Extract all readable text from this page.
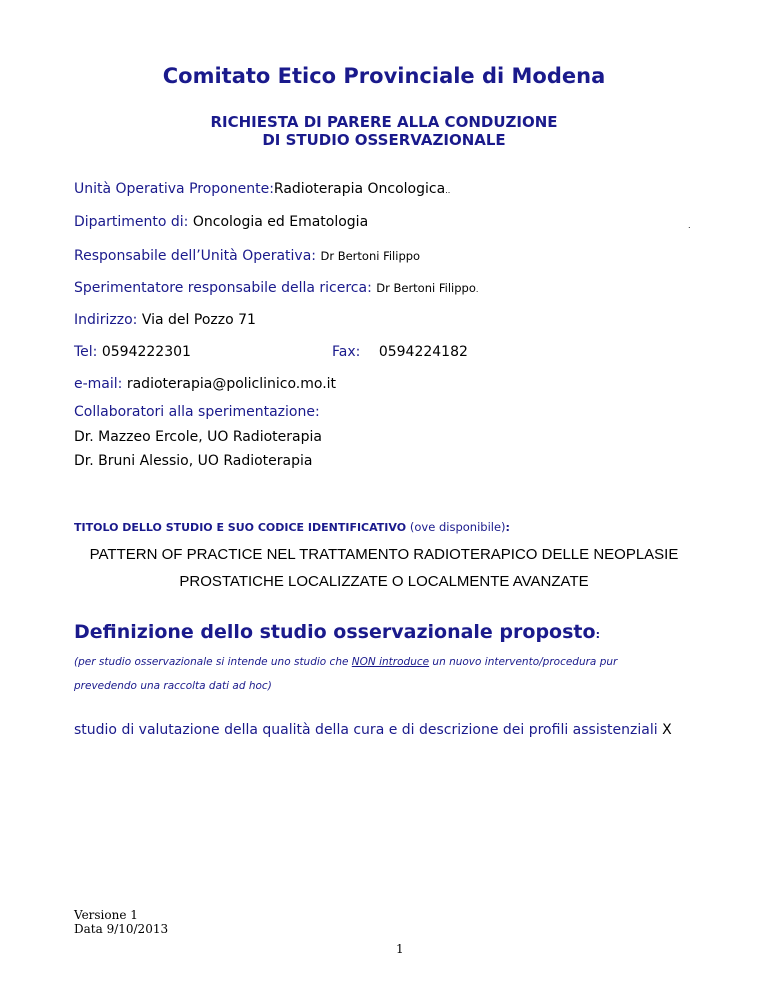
Comitato Etico Provinciale di Modena
RICHIESTA DI PARERE ALLA CONDUZIONE
DI STUDIO OSSERVAZIONALE
Unità Operativa Proponente:Radioterapia Oncologica..
Dipartimento di: Oncologia ed Ematologia	.
Responsabile dell’Unità Operativa: Dr Bertoni Filippo
Sperimentatore responsabile della ricerca: Dr Bertoni Filippo.
Indirizzo: Via del Pozzo 71
Tel: 0594222301	Fax: 0594224182
e-mail: radioterapia@policlinico.mo.it
Collaboratori alla sperimentazione:
Dr. Mazzeo Ercole, UO Radioterapia
Dr. Bruni Alessio, UO Radioterapia
TITOLO DELLO STUDIO E SUO CODICE IDENTIFICATIVO (ove disponibile):
PATTERN OF PRACTICE NEL TRATTAMENTO RADIOTERAPICO DELLE NEOPLASIE
PROSTATICHE LOCALIZZATE O LOCALMENTE AVANZATE
Definizione dello studio osservazionale proposto:
(per studio osservazionale si intende uno studio che NON introduce un nuovo intervento/procedura pur
prevedendo una raccolta dati ad hoc)
studio di valutazione della qualità della cura e di descrizione dei profili assistenziali X
Versione 1
Data 9/10/2013
1
